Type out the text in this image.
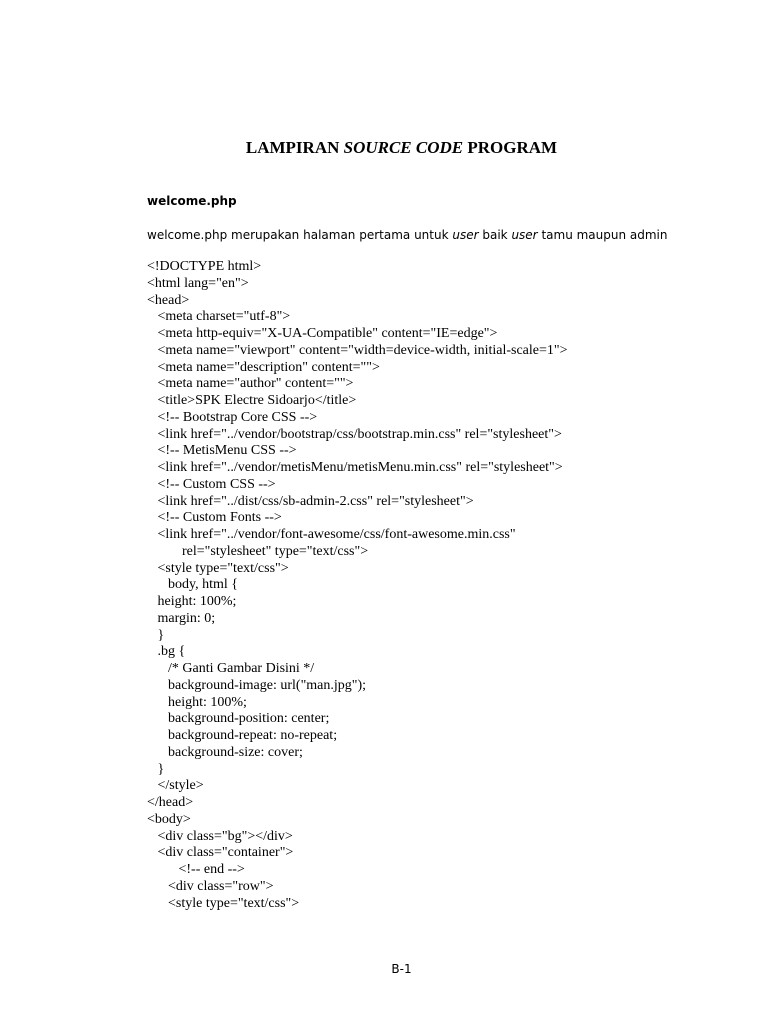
LAMPIRAN SOURCE CODE PROGRAM
welcome.php
welcome.php merupakan halaman pertama untuk user baik user tamu maupun admin
<!DOCTYPE html>
<html lang="en">
<head>
<meta charset="utf-8">
<meta http-equiv="X-UA-Compatible" content="IE=edge">
<meta name="viewport" content="width=device-width, initial-scale=1">
<meta name="description" content="">
<meta name="author" content="">
<title>SPK Electre Sidoarjo</title>
<!-- Bootstrap Core CSS -->
<link href="../vendor/bootstrap/css/bootstrap.min.css" rel="stylesheet">
<!-- MetisMenu CSS -->
<link href="../vendor/metisMenu/metisMenu.min.css" rel="stylesheet">
<!-- Custom CSS -->
<link href="../dist/css/sb-admin-2.css" rel="stylesheet">
<!-- Custom Fonts -->
<link href="../vendor/font-awesome/css/font-awesome.min.css"
rel="stylesheet" type="text/css">
<style type="text/css">
body, html {
height: 100%;
margin: 0;
}
.bg {
/* Ganti Gambar Disini */
background-image: url("man.jpg");
height: 100%;
background-position: center;
background-repeat: no-repeat;
background-size: cover;
}
</style>
</head>
<body>
<div class="bg"></div>
<div class="container">
<!-- end -->
<div class="row">
<style type="text/css">
B-1
